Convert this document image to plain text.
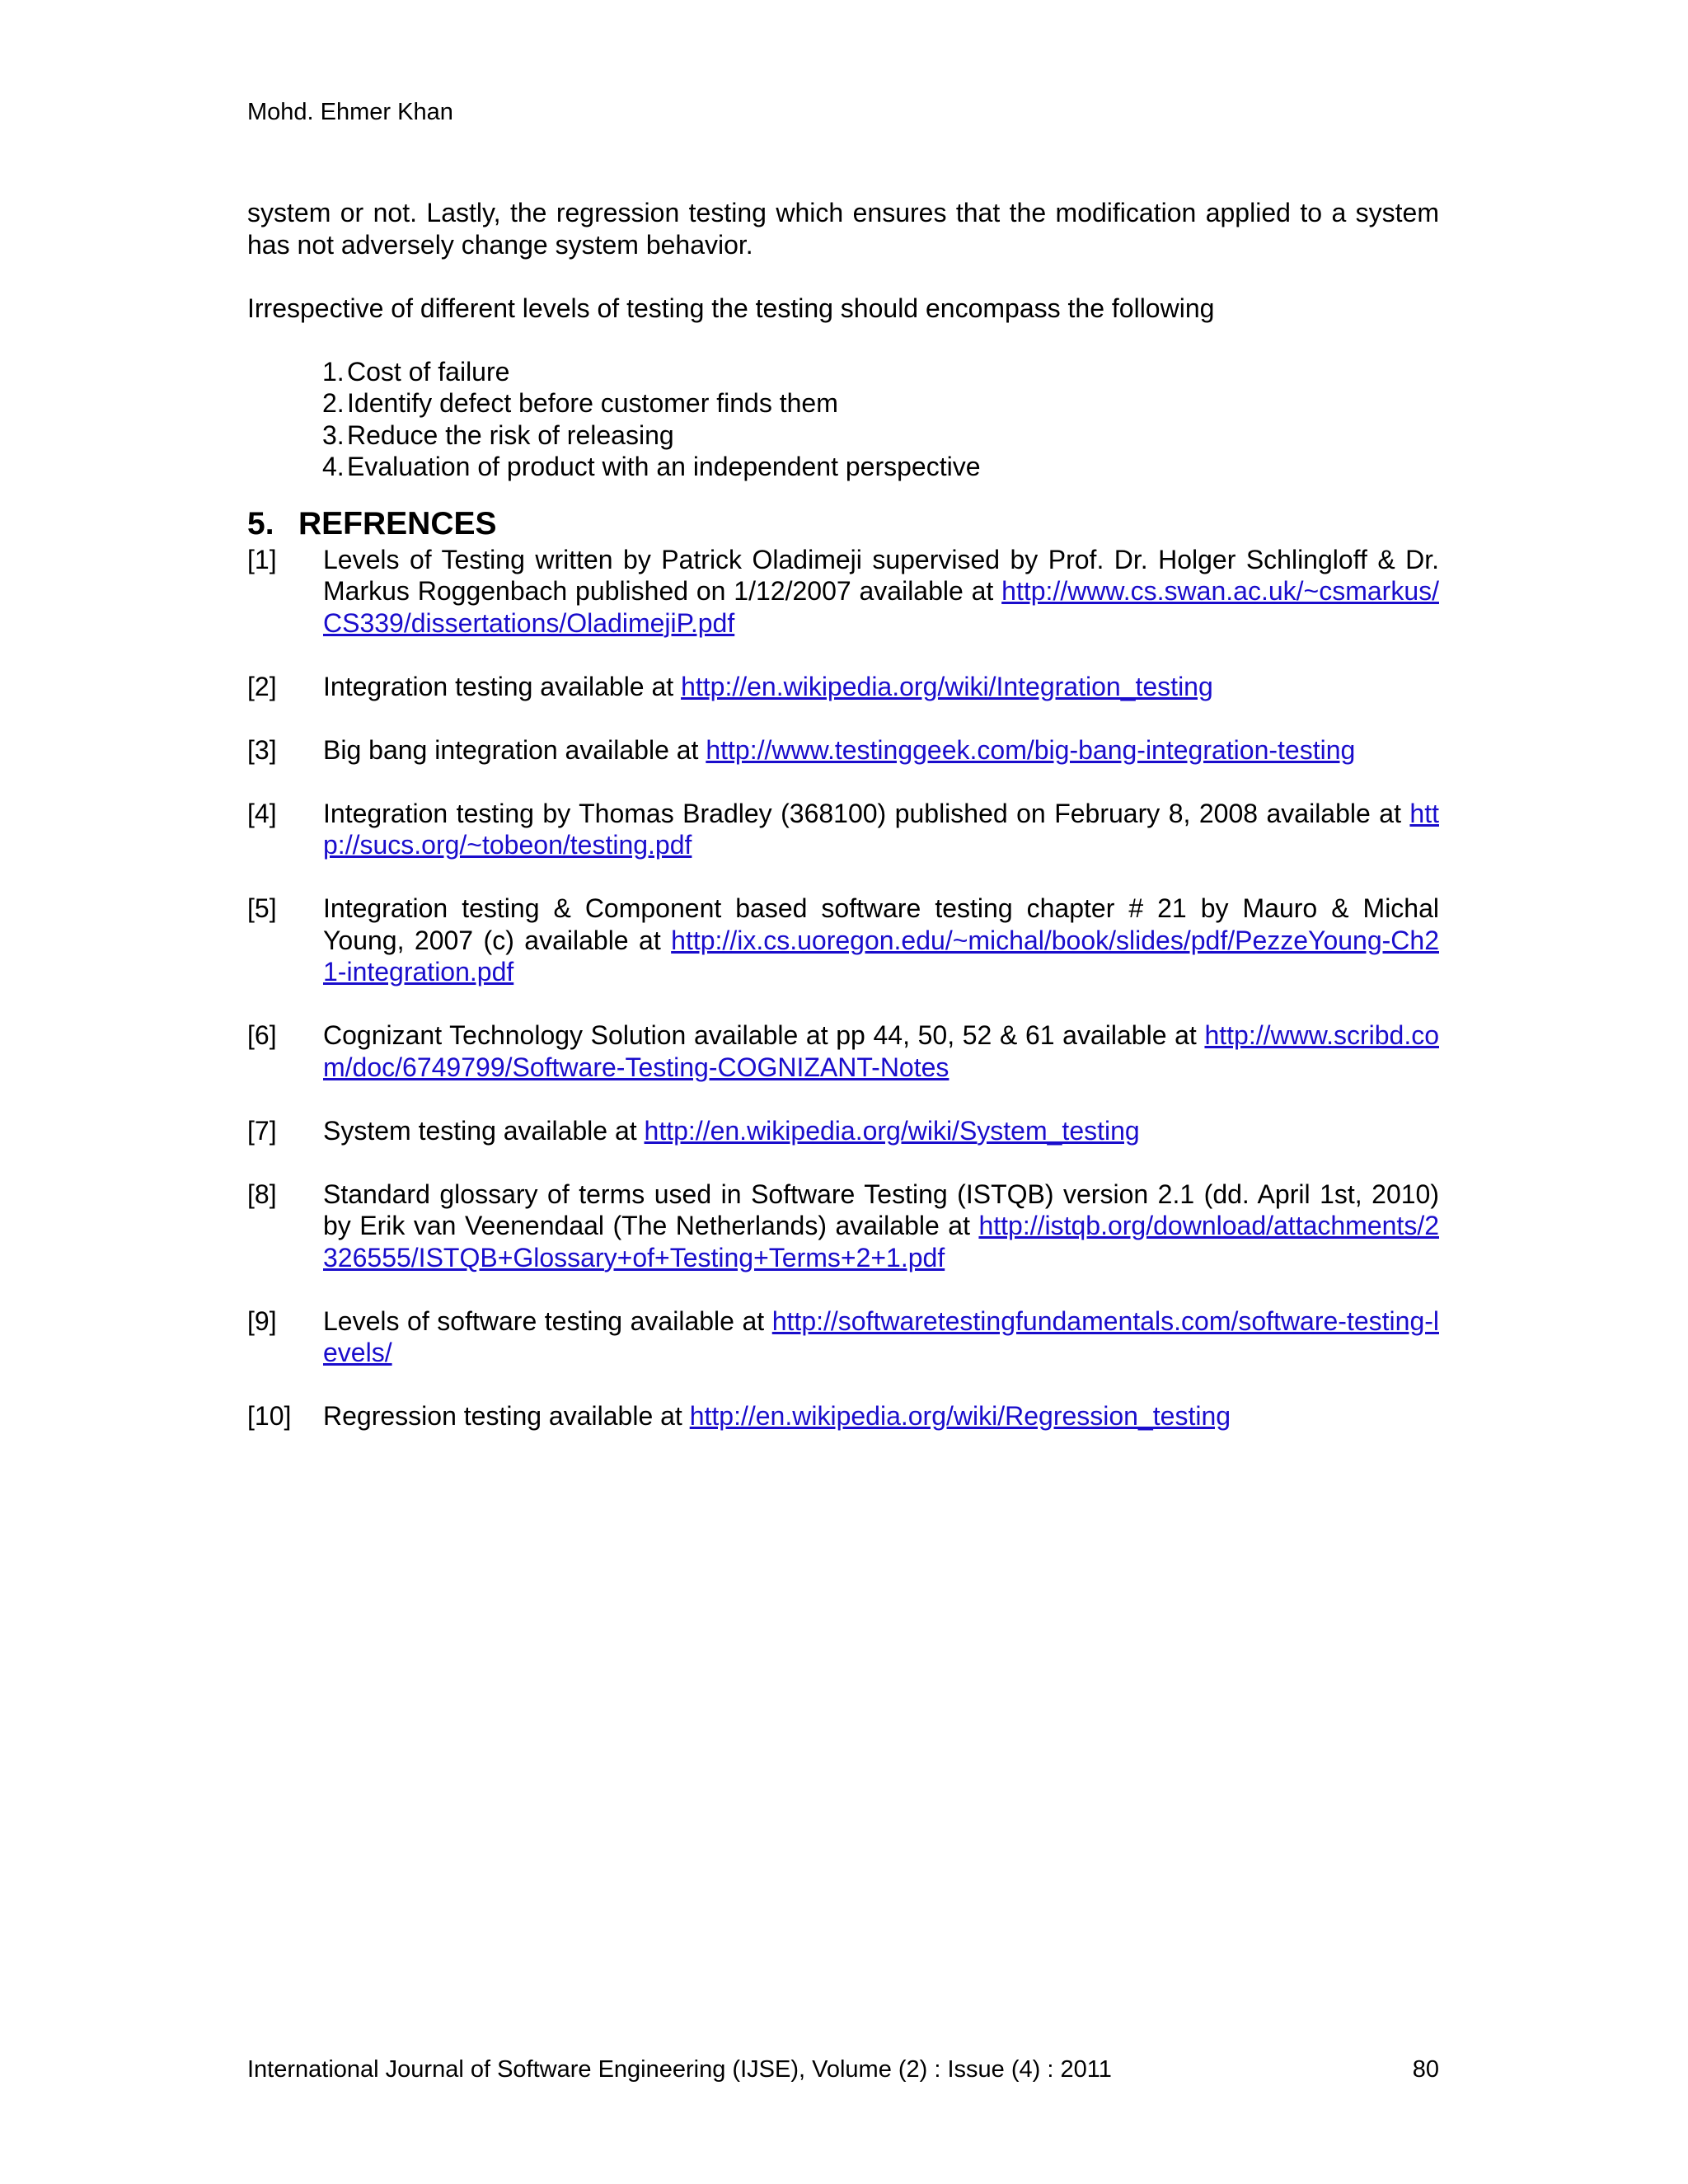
Mohd. Ehmer Khan

system or not. Lastly, the regression testing which ensures that the modification applied to a system has not adversely change system behavior.

Irrespective of different levels of testing the testing should encompass the following

1. Cost of failure
2. Identify defect before customer finds them
3. Reduce the risk of releasing
4. Evaluation of product with an independent perspective
5. REFRENCES
[1]	Levels of Testing written by Patrick Oladimeji supervised by Prof. Dr. Holger Schlingloff & Dr. Markus Roggenbach published on 1/12/2007 available at http://www.cs.swan.ac.uk/~csmarkus/CS339/dissertations/OladimejiP.pdf
[2]	Integration testing available at http://en.wikipedia.org/wiki/Integration_testing
[3]	Big bang integration available at http://www.testinggeek.com/big-bang-integration-testing
[4]	Integration testing by Thomas Bradley (368100) published on February 8, 2008 available at http://sucs.org/~tobeon/testing.pdf
[5]	Integration testing & Component based software testing chapter # 21 by Mauro & Michal Young, 2007 (c) available at http://ix.cs.uoregon.edu/~michal/book/slides/pdf/PezzeYoung-Ch21-integration.pdf
[6]	Cognizant Technology Solution available at pp 44, 50, 52 & 61 available at http://www.scribd.com/doc/6749799/Software-Testing-COGNIZANT-Notes
[7]	System testing available at http://en.wikipedia.org/wiki/System_testing
[8]	Standard glossary of terms used in Software Testing (ISTQB) version 2.1 (dd. April 1st, 2010) by Erik van Veenendaal (The Netherlands) available at http://istqb.org/download/attachments/2326555/ISTQB+Glossary+of+Testing+Terms+2+1.pdf
[9]	Levels of software testing available at http://softwaretestingfundamentals.com/software-testing-levels/
[10]	Regression testing available at http://en.wikipedia.org/wiki/Regression_testing
International Journal of Software Engineering (IJSE), Volume (2) : Issue (4) : 2011	80
